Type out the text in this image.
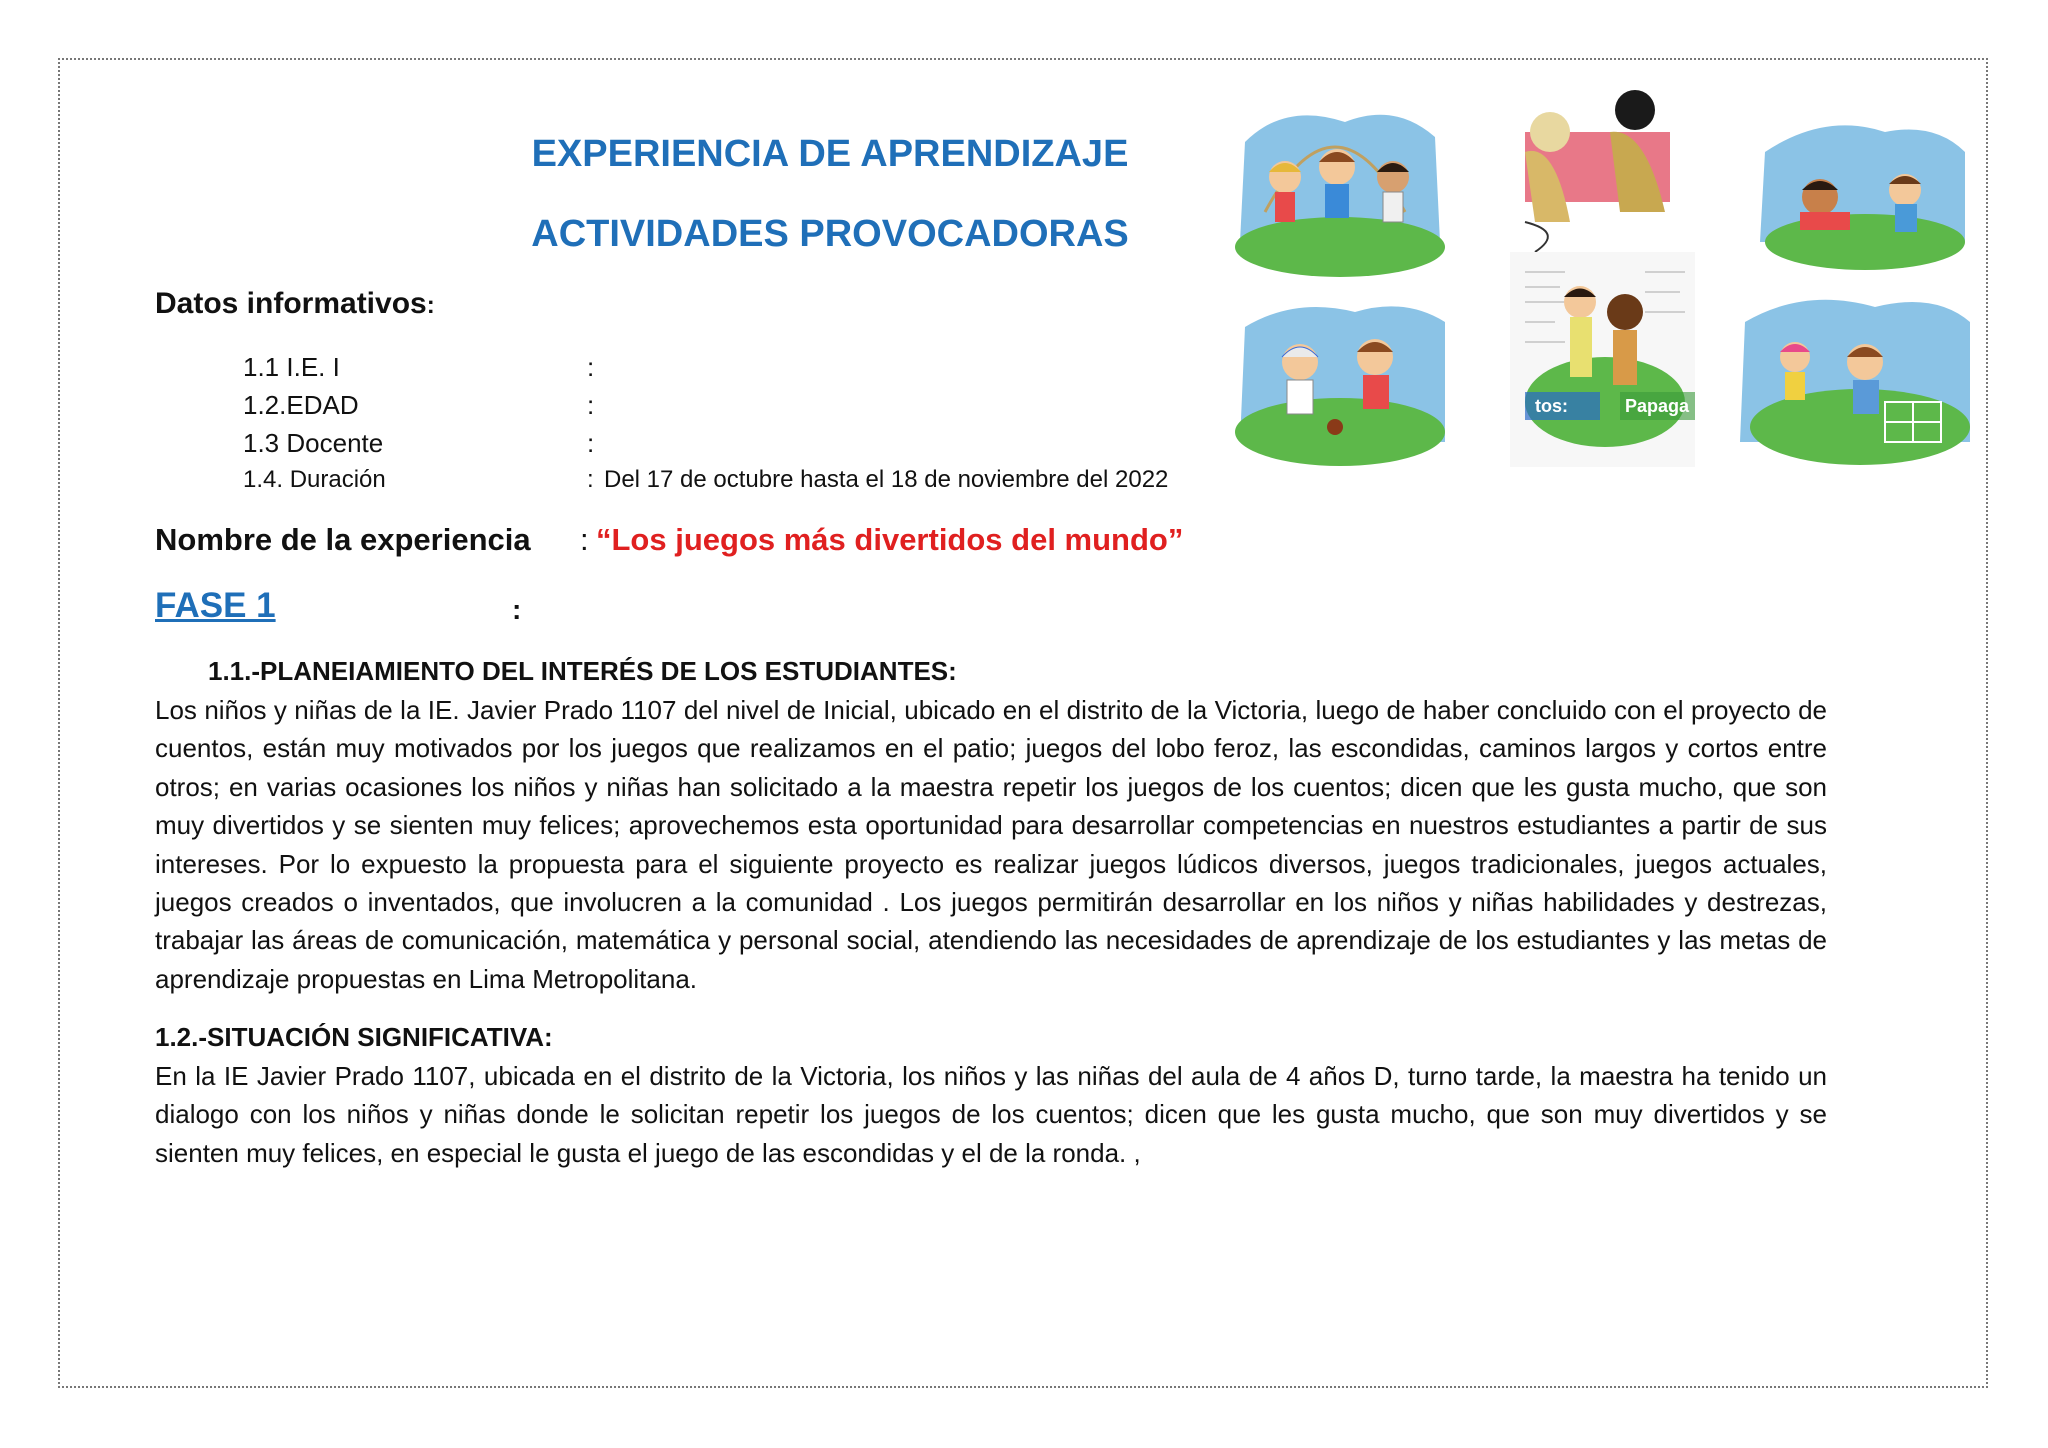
EXPERIENCIA DE APRENDIZAJE
ACTIVIDADES PROVOCADORAS
Datos informativos:
1.1 I.E. I	:
1.2.EDAD	:
1.3 Docente	:
1.4. Duración	: Del 17 de octubre hasta el 18 de noviembre del 2022
Nombre de la experiencia : “Los juegos más divertidos del mundo”
FASE 1	:
1.1.-PLANEIAMIENTO DEL INTERÉS DE LOS ESTUDIANTES:
Los niños y niñas de la IE. Javier Prado 1107 del nivel de Inicial, ubicado en el distrito de la Victoria, luego de haber concluido con el proyecto de cuentos, están muy motivados por los juegos que realizamos en el patio; juegos del lobo feroz, las escondidas, caminos largos y cortos entre otros; en varias ocasiones los niños y niñas han solicitado a la maestra repetir los juegos de los cuentos; dicen que les gusta mucho, que son muy divertidos y se sienten muy felices; aprovechemos esta oportunidad para desarrollar competencias en nuestros estudiantes a partir de sus intereses. Por lo expuesto la propuesta para el siguiente proyecto es realizar juegos lúdicos diversos, juegos tradicionales, juegos actuales, juegos creados o inventados, que involucren a la comunidad . Los juegos permitirán desarrollar en los niños y niñas habilidades y destrezas, trabajar las áreas de comunicación, matemática y personal social, atendiendo las necesidades de aprendizaje de los estudiantes y las metas de aprendizaje propuestas en Lima Metropolitana.
1.2.-SITUACIÓN SIGNIFICATIVA:
En la IE Javier Prado 1107, ubicada en el distrito de la Victoria, los niños y las niñas del aula de 4 años D, turno tarde, la maestra ha tenido un dialogo con los niños y niñas donde le solicitan repetir los juegos de los cuentos; dicen que les gusta mucho, que son muy divertidos y se sienten muy felices, en especial le gusta el juego de las escondidas y el de la ronda. ,
tos:	Papaga
